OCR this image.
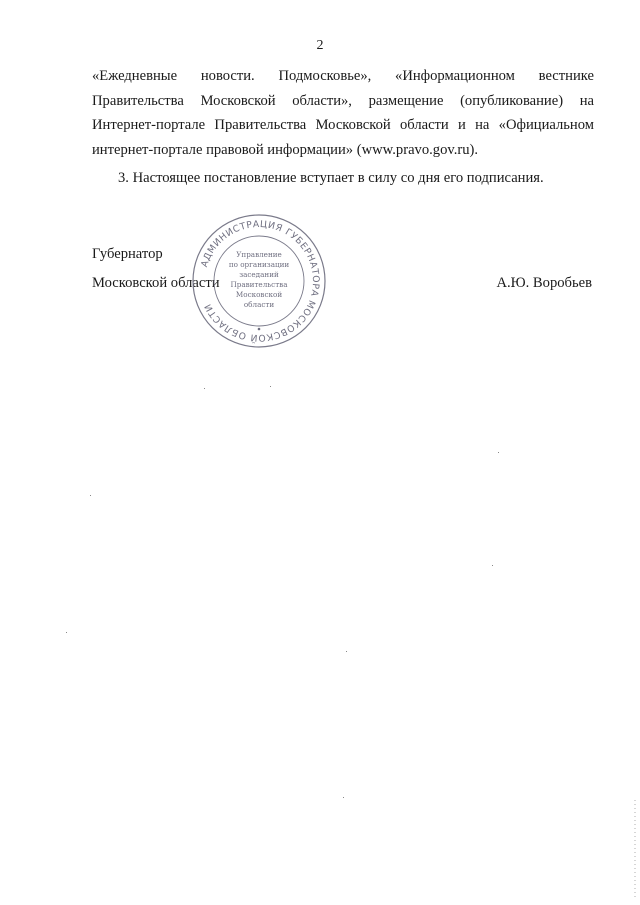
2

«Ежедневные новости. Подмосковье», «Информационном вестнике Правительства Московской области», размещение (опубликование) на Интернет-портале Правительства Московской области и на «Официальном интернет-портале правовой информации» (www.pravo.gov.ru).

3. Настоящее постановление вступает в силу со дня его подписания.
Губернатор
Московской области	А.Ю. Воробьев
АДМИНИСТРАЦИЯ ГУБЕРНАТОРА МОСКОВСКОЙ ОБЛАСТИ
Управление
по организации
заседаний
Правительства
Московской
области
